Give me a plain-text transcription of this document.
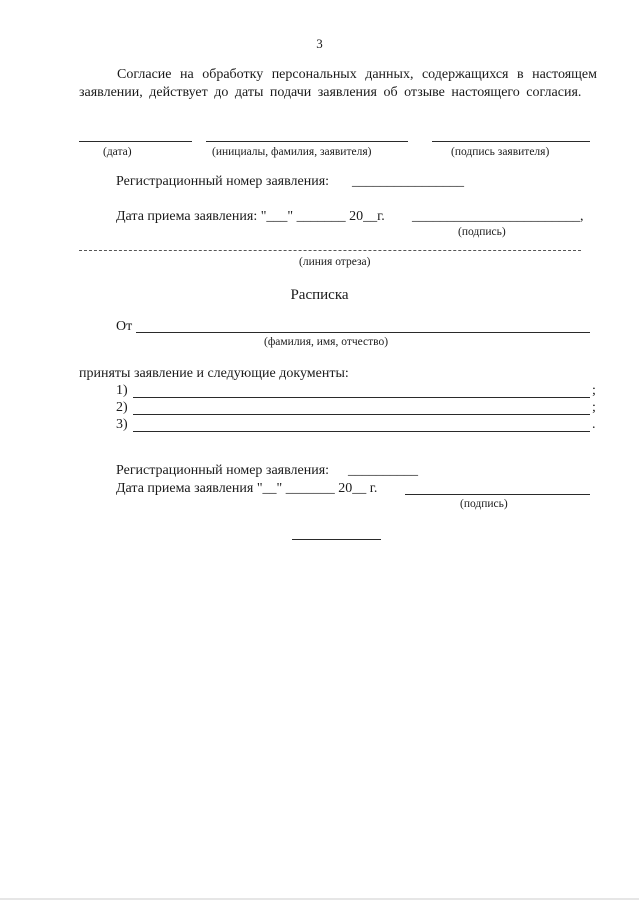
3
Согласие на обработку персональных данных, содержащихся в настоящем заявлении, действует до даты подачи заявления об отзыве настоящего согласия.
(дата)	(инициалы, фамилия, заявителя)	(подпись заявителя)
Регистрационный номер заявления: ________________
Дата приема заявления: "___" _______ 20__г. ________________________,
(подпись)
(линия отреза)
Расписка
От
(фамилия, имя, отчество)
приняты заявление и следующие документы:
1)	;
2)	;
3)	.
Регистрационный номер заявления: __________
Дата приема заявления "__" _______ 20__ г.
(подпись)
